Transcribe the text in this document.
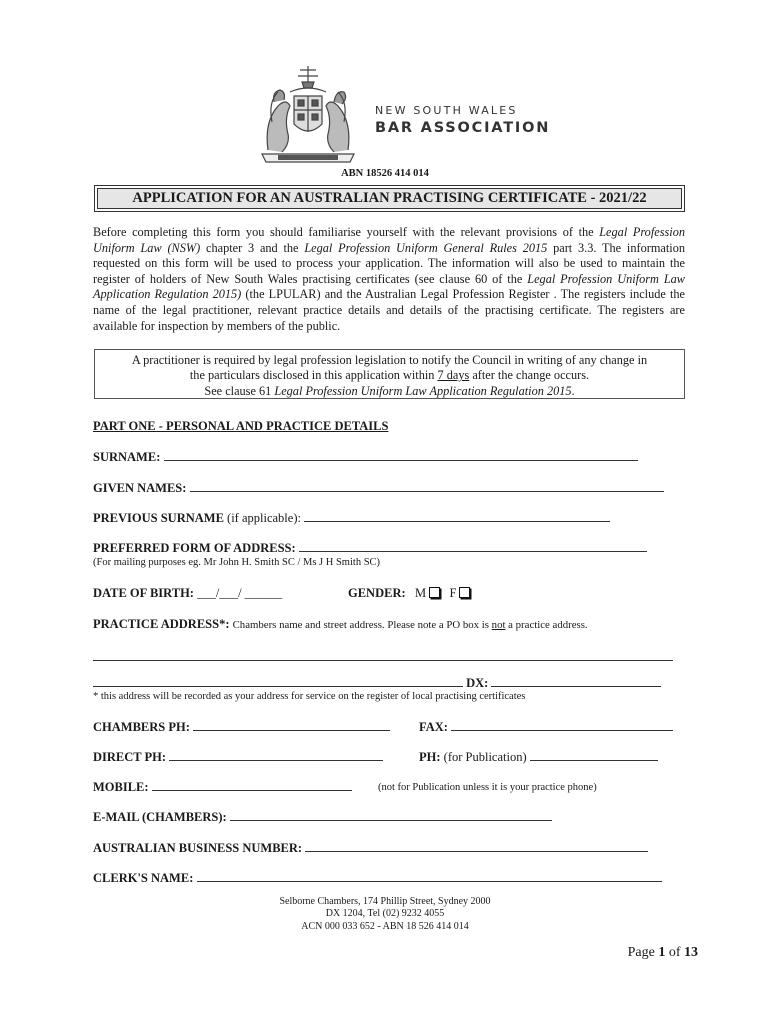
NEW SOUTH WALES
BAR ASSOCIATION
ABN 18526 414 014
APPLICATION FOR AN AUSTRALIAN PRACTISING CERTIFICATE - 2021/22
Before completing this form you should familiarise yourself with the relevant provisions of the Legal Profession Uniform Law (NSW) chapter 3 and the Legal Profession Uniform General Rules 2015 part 3.3. The information requested on this form will be used to process your application. The information will also be used to maintain the register of holders of New South Wales practising certificates (see clause 60 of the Legal Profession Uniform Law Application Regulation 2015) (the LPULAR) and the Australian Legal Profession Register . The registers include the name of the legal practitioner, relevant practice details and details of the practising certificate. The registers are available for inspection by members of the public.
A practitioner is required by legal profession legislation to notify the Council in writing of any change in
the particulars disclosed in this application within 7 days after the change occurs.
See clause 61 Legal Profession Uniform Law Application Regulation 2015.
PART ONE - PERSONAL AND PRACTICE DETAILS
SURNAME:
GIVEN NAMES:
PREVIOUS SURNAME (if applicable):
PREFERRED FORM OF ADDRESS:
(For mailing purposes eg. Mr John H. Smith SC / Ms J H Smith SC)
DATE OF BIRTH: ___/___/ ______	GENDER:   M F
PRACTICE ADDRESS*: Chambers name and street address. Please note a PO box is not a practice address.
DX:
* this address will be recorded as your address for service on the register of local practising certificates
CHAMBERS PH:	FAX:
DIRECT PH:	PH: (for Publication)
MOBILE:	(not for Publication unless it is your practice phone)
E-MAIL (CHAMBERS):
AUSTRALIAN BUSINESS NUMBER:
CLERK'S NAME:
Selborne Chambers, 174 Phillip Street, Sydney 2000
DX 1204, Tel (02) 9232 4055
ACN 000 033 652 - ABN 18 526 414 014
Page 1 of 13
